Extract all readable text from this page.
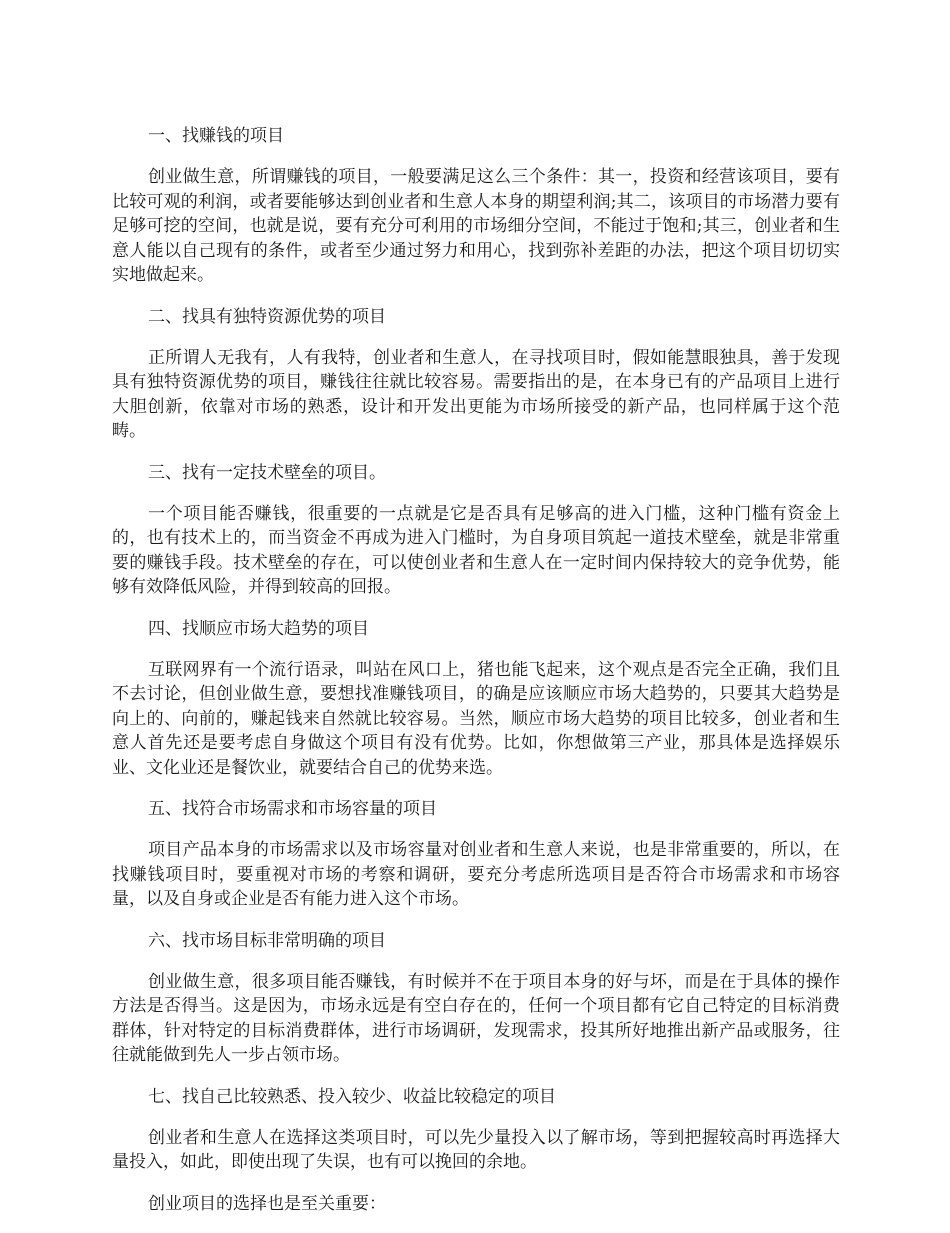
一、找赚钱的项目

创业做生意，所谓赚钱的项目，一般要满足这么三个条件：其一，投资和经营该项目，要有比较可观的利润，或者要能够达到创业者和生意人本身的期望利润;其二，该项目的市场潜力要有足够可挖的空间，也就是说，要有充分可利用的市场细分空间，不能过于饱和;其三，创业者和生意人能以自己现有的条件，或者至少通过努力和用心，找到弥补差距的办法，把这个项目切切实实地做起来。

二、找具有独特资源优势的项目

正所谓人无我有，人有我特，创业者和生意人，在寻找项目时，假如能慧眼独具，善于发现具有独特资源优势的项目，赚钱往往就比较容易。需要指出的是，在本身已有的产品项目上进行大胆创新，依靠对市场的熟悉，设计和开发出更能为市场所接受的新产品，也同样属于这个范畴。

三、找有一定技术壁垒的项目。

一个项目能否赚钱，很重要的一点就是它是否具有足够高的进入门槛，这种门槛有资金上的，也有技术上的，而当资金不再成为进入门槛时，为自身项目筑起一道技术壁垒，就是非常重要的赚钱手段。技术壁垒的存在，可以使创业者和生意人在一定时间内保持较大的竞争优势，能够有效降低风险，并得到较高的回报。

四、找顺应市场大趋势的项目

互联网界有一个流行语录，叫站在风口上，猪也能飞起来，这个观点是否完全正确，我们且不去讨论，但创业做生意，要想找准赚钱项目，的确是应该顺应市场大趋势的，只要其大趋势是向上的、向前的，赚起钱来自然就比较容易。当然，顺应市场大趋势的项目比较多，创业者和生意人首先还是要考虑自身做这个项目有没有优势。比如，你想做第三产业，那具体是选择娱乐业、文化业还是餐饮业，就要结合自己的优势来选。

五、找符合市场需求和市场容量的项目

项目产品本身的市场需求以及市场容量对创业者和生意人来说，也是非常重要的，所以，在找赚钱项目时，要重视对市场的考察和调研，要充分考虑所选项目是否符合市场需求和市场容量，以及自身或企业是否有能力进入这个市场。

六、找市场目标非常明确的项目

创业做生意，很多项目能否赚钱，有时候并不在于项目本身的好与坏，而是在于具体的操作方法是否得当。这是因为，市场永远是有空白存在的，任何一个项目都有它自己特定的目标消费群体，针对特定的目标消费群体，进行市场调研，发现需求，投其所好地推出新产品或服务，往往就能做到先人一步占领市场。

七、找自己比较熟悉、投入较少、收益比较稳定的项目

创业者和生意人在选择这类项目时，可以先少量投入以了解市场，等到把握较高时再选择大量投入，如此，即使出现了失误，也有可以挽回的余地。

创业项目的选择也是至关重要：
